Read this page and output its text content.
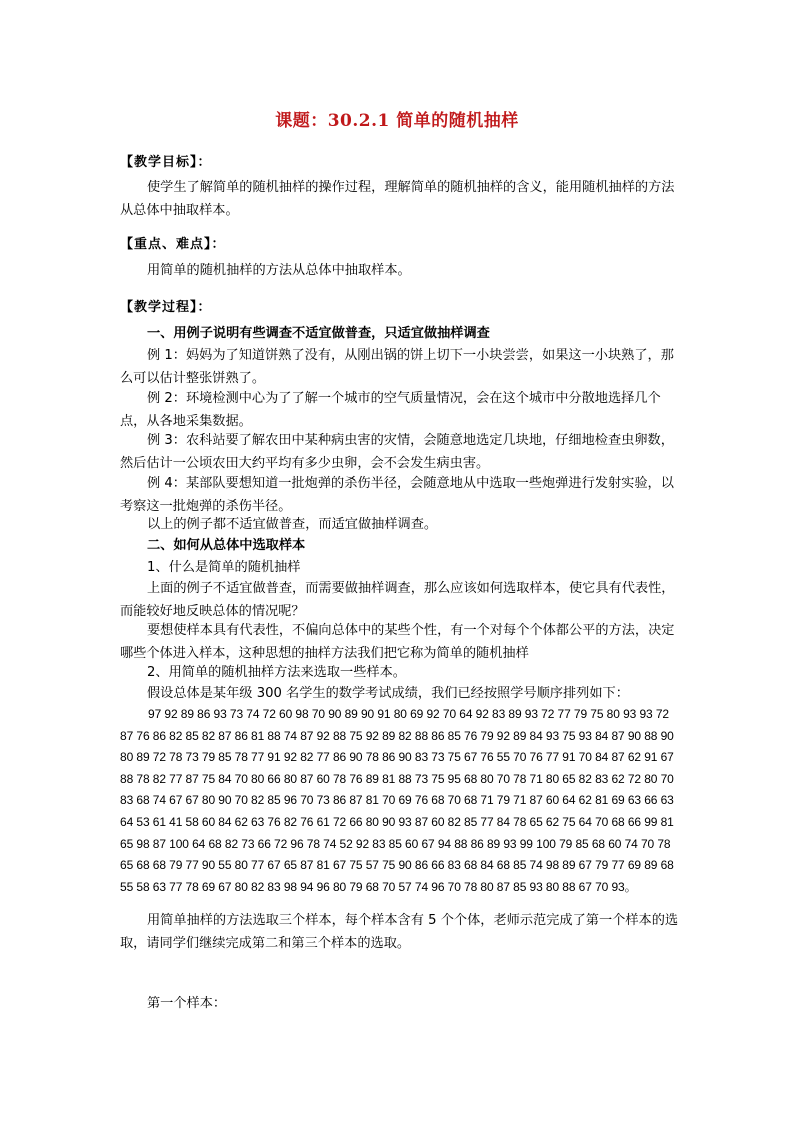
课题：30.2.1 简单的随机抽样
【教学目标】：
使学生了解简单的随机抽样的操作过程，理解简单的随机抽样的含义，能用随机抽样的方法从总体中抽取样本。
【重点、难点】：
用简单的随机抽样的方法从总体中抽取样本。
【教学过程】：
一、用例子说明有些调查不适宜做普查，只适宜做抽样调查
例 1：妈妈为了知道饼熟了没有，从刚出锅的饼上切下一小块尝尝，如果这一小块熟了，那么可以估计整张饼熟了。
例 2：环境检测中心为了了解一个城市的空气质量情况，会在这个城市中分散地选择几个点，从各地采集数据。
例 3：农科站要了解农田中某种病虫害的灾情，会随意地选定几块地，仔细地检查虫卵数，然后估计一公顷农田大约平均有多少虫卵，会不会发生病虫害。
例 4：某部队要想知道一批炮弹的杀伤半径，会随意地从中选取一些炮弹进行发射实验，以考察这一批炮弹的杀伤半径。
以上的例子都不适宜做普查，而适宜做抽样调查。
二、如何从总体中选取样本
1、什么是简单的随机抽样
上面的例子不适宜做普查，而需要做抽样调查，那么应该如何选取样本，使它具有代表性，而能较好地反映总体的情况呢？
要想使样本具有代表性，不偏向总体中的某些个性，有一个对每个个体都公平的方法，决定哪些个体进入样本，这种思想的抽样方法我们把它称为简单的随机抽样
2、用简单的随机抽样方法来选取一些样本。
假设总体是某年级 300 名学生的数学考试成绩，我们已经按照学号顺序排列如下：
97 92 89 86 93 73 74 72 60 98 70 90 89 90 91 80 69 92 70 64 92 83 89 93 72 77 79 75 80 93 93 72 87 76 86 82 85 82 87 86 81 88 74 87 92 88 75 92 89 82 88 86 85 76 79 92 89 84 93 75 93 84 87 90 88 90 80 89 72 78 73 79 85 78 77 91 92 82 77 86 90 78 86 90 83 73 75 67 76 55 70 76 77 91 70 84 87 62 91 67 88 78 82 77 87 75 84 70 80 66 80 87 60 78 76 89 81 88 73 75 95 68 80 70 78 71 80 65 82 83 62 72 80 70 83 68 74 67 67 80 90 70 82 85 96 70 73 86 87 81 70 69 76 68 70 68 71 79 71 87 60 64 62 81 69 63 66 63 64 53 61 41 58 60 84 62 63 76 82 76 61 72 66 80 90 93 87 60 82 85 77 84 78 65 62 75 64 70 68 66 99 81 65 98 87 100 64 68 82 73 66 72 96 78 74 52 92 83 85 60 67 94 88 86 89 93 99 100 79 85 68 60 74 70 78 65 68 68 79 77 90 55 80 77 67 65 87 81 67 75 57 75 90 86 66 83 68 84 68 85 74 98 89 67 79 77 69 89 68 55 58 63 77 78 69 67 80 82 83 98 94 96 80 79 68 70 57 74 96 70 78 80 87 85 93 80 88 67 70 93。
用简单抽样的方法选取三个样本，每个样本含有 5 个个体，老师示范完成了第一个样本的选取，请同学们继续完成第二和第三个样本的选取。
第一个样本：
